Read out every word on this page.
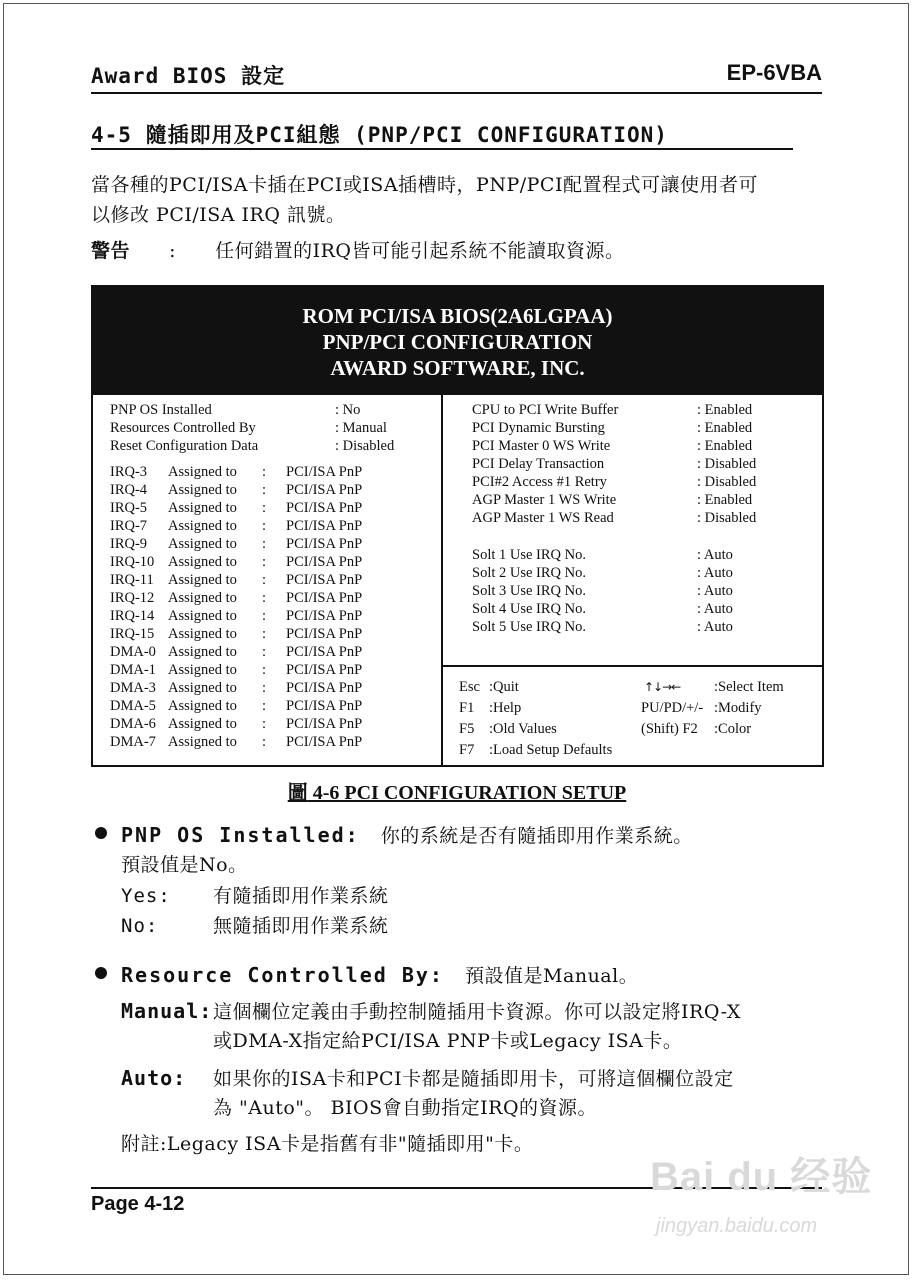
Award BIOS 設定	EP-6VBA
4-5 隨插即用及PCI組態 (PNP/PCI CONFIGURATION)
當各種的PCI/ISA卡插在PCI或ISA插槽時，PNP/PCI配置程式可讓使用者可
以修改 PCI/ISA IRQ 訊號。
警告 : 任何錯置的IRQ皆可能引起系統不能讀取資源。
ROM PCI/ISA BIOS(2A6LGPAA)
PNP/PCI CONFIGURATION
AWARD SOFTWARE, INC.
Esc :Quit	↑↓→← :Select Item
F1 :Help	PU/PD/+/- :Modify
F5 :Old Values	(Shift) F2 :Color
F7 :Load Setup Defaults
PNP OS Installed	: No
Resources Controlled By	: Manual
Reset Configuration Data	: Disabled
IRQ-3 Assigned to : PCI/ISA PnP
IRQ-4 Assigned to : PCI/ISA PnP
IRQ-5 Assigned to : PCI/ISA PnP
IRQ-7 Assigned to : PCI/ISA PnP
IRQ-9 Assigned to : PCI/ISA PnP
IRQ-10 Assigned to : PCI/ISA PnP
IRQ-11 Assigned to : PCI/ISA PnP
IRQ-12 Assigned to : PCI/ISA PnP
IRQ-14 Assigned to : PCI/ISA PnP
IRQ-15 Assigned to : PCI/ISA PnP
DMA-0 Assigned to : PCI/ISA PnP
DMA-1 Assigned to : PCI/ISA PnP
DMA-3 Assigned to : PCI/ISA PnP
DMA-5 Assigned to : PCI/ISA PnP
DMA-6 Assigned to : PCI/ISA PnP
DMA-7 Assigned to : PCI/ISA PnP
CPU to PCI Write Buffer	: Enabled
PCI Dynamic Bursting	: Enabled
PCI Master 0 WS Write	: Enabled
PCI Delay Transaction	: Disabled
PCI#2 Access #1 Retry	: Disabled
AGP Master 1 WS Write	: Enabled
AGP Master 1 WS Read	: Disabled
Solt 1 Use IRQ No.	: Auto
Solt 2 Use IRQ No.	: Auto
Solt 3 Use IRQ No.	: Auto
Solt 4 Use IRQ No.	: Auto
Solt 5 Use IRQ No.	: Auto
圖 4-6 PCI CONFIGURATION SETUP
PNP OS Installed: 你的系統是否有隨插即用作業系統。
預設值是No。
Yes: 有隨插即用作業系統
No:	無隨插即用作業系統
Resource Controlled By: 預設值是Manual。
Manual:這個欄位定義由手動控制隨插用卡資源。你可以設定將IRQ-X
或DMA-X指定給PCI/ISA PNP卡或Legacy ISA卡。
Auto: 如果你的ISA卡和PCI卡都是隨插即用卡，可將這個欄位設定
為 "Auto"。 BIOS會自動指定IRQ的資源。
附註:Legacy ISA卡是指舊有非"隨插即用"卡。
Page 4-12
Bai du 经验
jingyan.baidu.com
